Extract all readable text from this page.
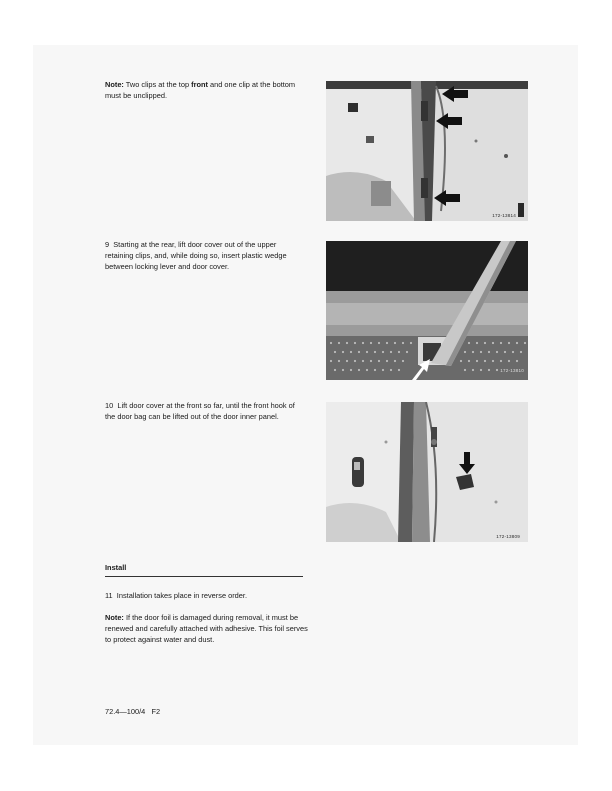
Note: Two clips at the top front and one clip at the bottom must be unclipped.
172-13814
9 Starting at the rear, lift door cover out of the upper retaining clips, and, while doing so, insert plastic wedge between locking lever and door cover.
172-13810
10 Lift door cover at the front so far, until the front hook of the door bag can be lifted out of the door inner panel.
172-13809
Install
11 Installation takes place in reverse order.
Note: If the door foil is damaged during removal, it must be renewed and carefully attached with adhesive. This foil serves to protect against water and dust.
72.4—100/4 F2
